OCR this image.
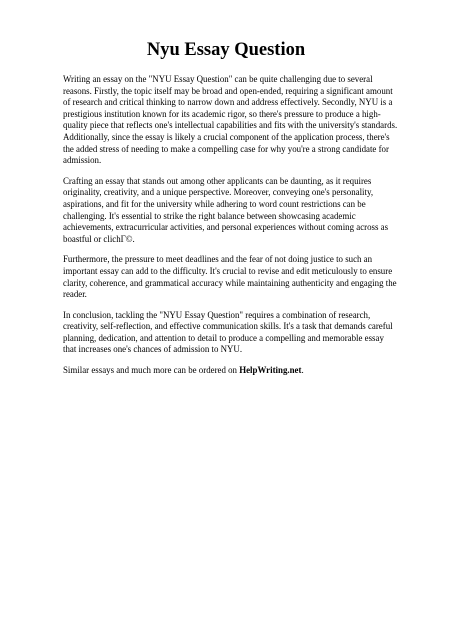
Nyu Essay Question

Writing an essay on the "NYU Essay Question" can be quite challenging due to several reasons. Firstly, the topic itself may be broad and open-ended, requiring a significant amount of research and critical thinking to narrow down and address effectively. Secondly, NYU is a prestigious institution known for its academic rigor, so there's pressure to produce a high-quality piece that reflects one's intellectual capabilities and fits with the university's standards. Additionally, since the essay is likely a crucial component of the application process, there's the added stress of needing to make a compelling case for why you're a strong candidate for admission.

Crafting an essay that stands out among other applicants can be daunting, as it requires originality, creativity, and a unique perspective. Moreover, conveying one's personality, aspirations, and fit for the university while adhering to word count restrictions can be challenging. It's essential to strike the right balance between showcasing academic achievements, extracurricular activities, and personal experiences without coming across as boastful or clichГ©.

Furthermore, the pressure to meet deadlines and the fear of not doing justice to such an important essay can add to the difficulty. It's crucial to revise and edit meticulously to ensure clarity, coherence, and grammatical accuracy while maintaining authenticity and engaging the reader.

In conclusion, tackling the "NYU Essay Question" requires a combination of research, creativity, self-reflection, and effective communication skills. It's a task that demands careful planning, dedication, and attention to detail to produce a compelling and memorable essay that increases one's chances of admission to NYU.

Similar essays and much more can be ordered on HelpWriting.net.
